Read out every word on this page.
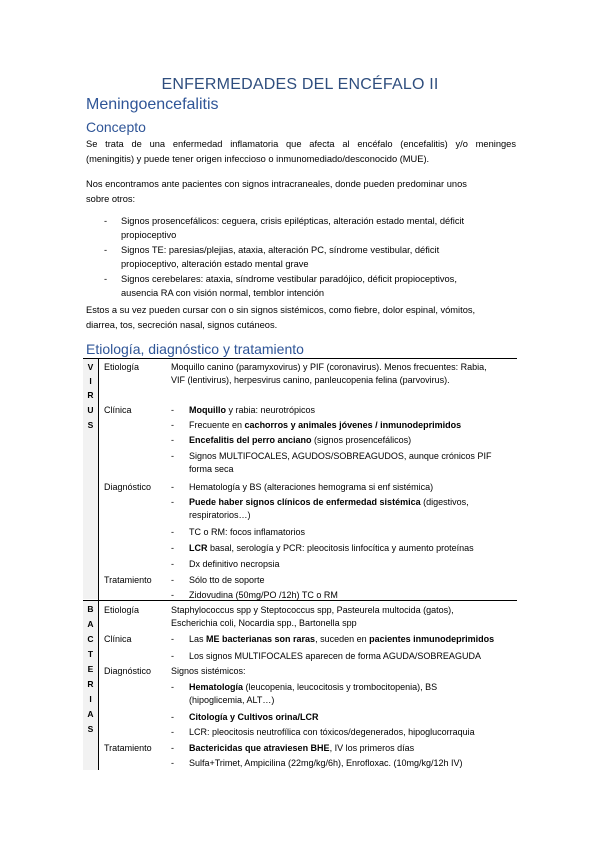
ENFERMEDADES DEL ENCÉFALO II
Meningoencefalitis
Concepto
Se trata de una enfermedad inflamatoria que afecta al encéfalo (encefalitis) y/o meninges
(meningitis) y puede tener origen infeccioso o inmunomediado/desconocido (MUE).
Nos encontramos ante pacientes con signos intracraneales, donde pueden predominar unos
sobre otros:
- Signos prosencefálicos: ceguera, crisis epilépticas, alteración estado mental, déficit
propioceptivo
- Signos TE: paresias/plejias, ataxia, alteración PC, síndrome vestibular, déficit
propioceptivo, alteración estado mental grave
- Signos cerebelares: ataxia, síndrome vestibular paradójico, déficit propioceptivos,
ausencia RA con visión normal, temblor intención
Estos a su vez pueden cursar con o sin signos sistémicos, como fiebre, dolor espinal, vómitos,
diarrea, tos, secreción nasal, signos cutáneos.
Etiología, diagnóstico y tratamiento
V
I
R
U
S
Etiología	Moquillo canino (paramyxovirus) y PIF (coronavirus). Menos frecuentes: Rabia,
VIF (lentivirus), herpesvirus canino, panleucopenia felina (parvovirus).
Clínica	- Moquillo y rabia: neurotrópicos
- Frecuente en cachorros y animales jóvenes / inmunodeprimidos
- Encefalitis del perro anciano (signos prosencefálicos)
- Signos MULTIFOCALES, AGUDOS/SOBREAGUDOS, aunque crónicos PIF
forma seca
Diagnóstico - Hematología y BS (alteraciones hemograma si enf sistémica)
- Puede haber signos clínicos de enfermedad sistémica (digestivos,
respiratorios…)
- TC o RM: focos inflamatorios
- LCR basal, serología y PCR: pleocitosis linfocítica y aumento proteínas
- Dx definitivo necropsia
Tratamiento - Sólo tto de soporte
- Zidovudina (50mg/PO /12h) TC o RM
B
A
C
T
E
R
I
A
S
Etiología	Staphylococcus spp y Steptococcus spp, Pasteurela multocida (gatos),
Escherichia coli, Nocardia spp., Bartonella spp
Clínica	- Las ME bacterianas son raras, suceden en pacientes inmunodeprimidos
- Los signos MULTIFOCALES aparecen de forma AGUDA/SOBREAGUDA
Diagnóstico Signos sistémicos:
- Hematología (leucopenia, leucocitosis y trombocitopenia), BS
(hipoglicemia, ALT…)
- Citología y Cultivos orina/LCR
- LCR: pleocitosis neutrofílica con tóxicos/degenerados, hipoglucorraquia
Tratamiento - Bactericidas que atraviesen BHE, IV los primeros días
- Sulfa+Trimet, Ampicilina (22mg/kg/6h), Enrofloxac. (10mg/kg/12h IV)
